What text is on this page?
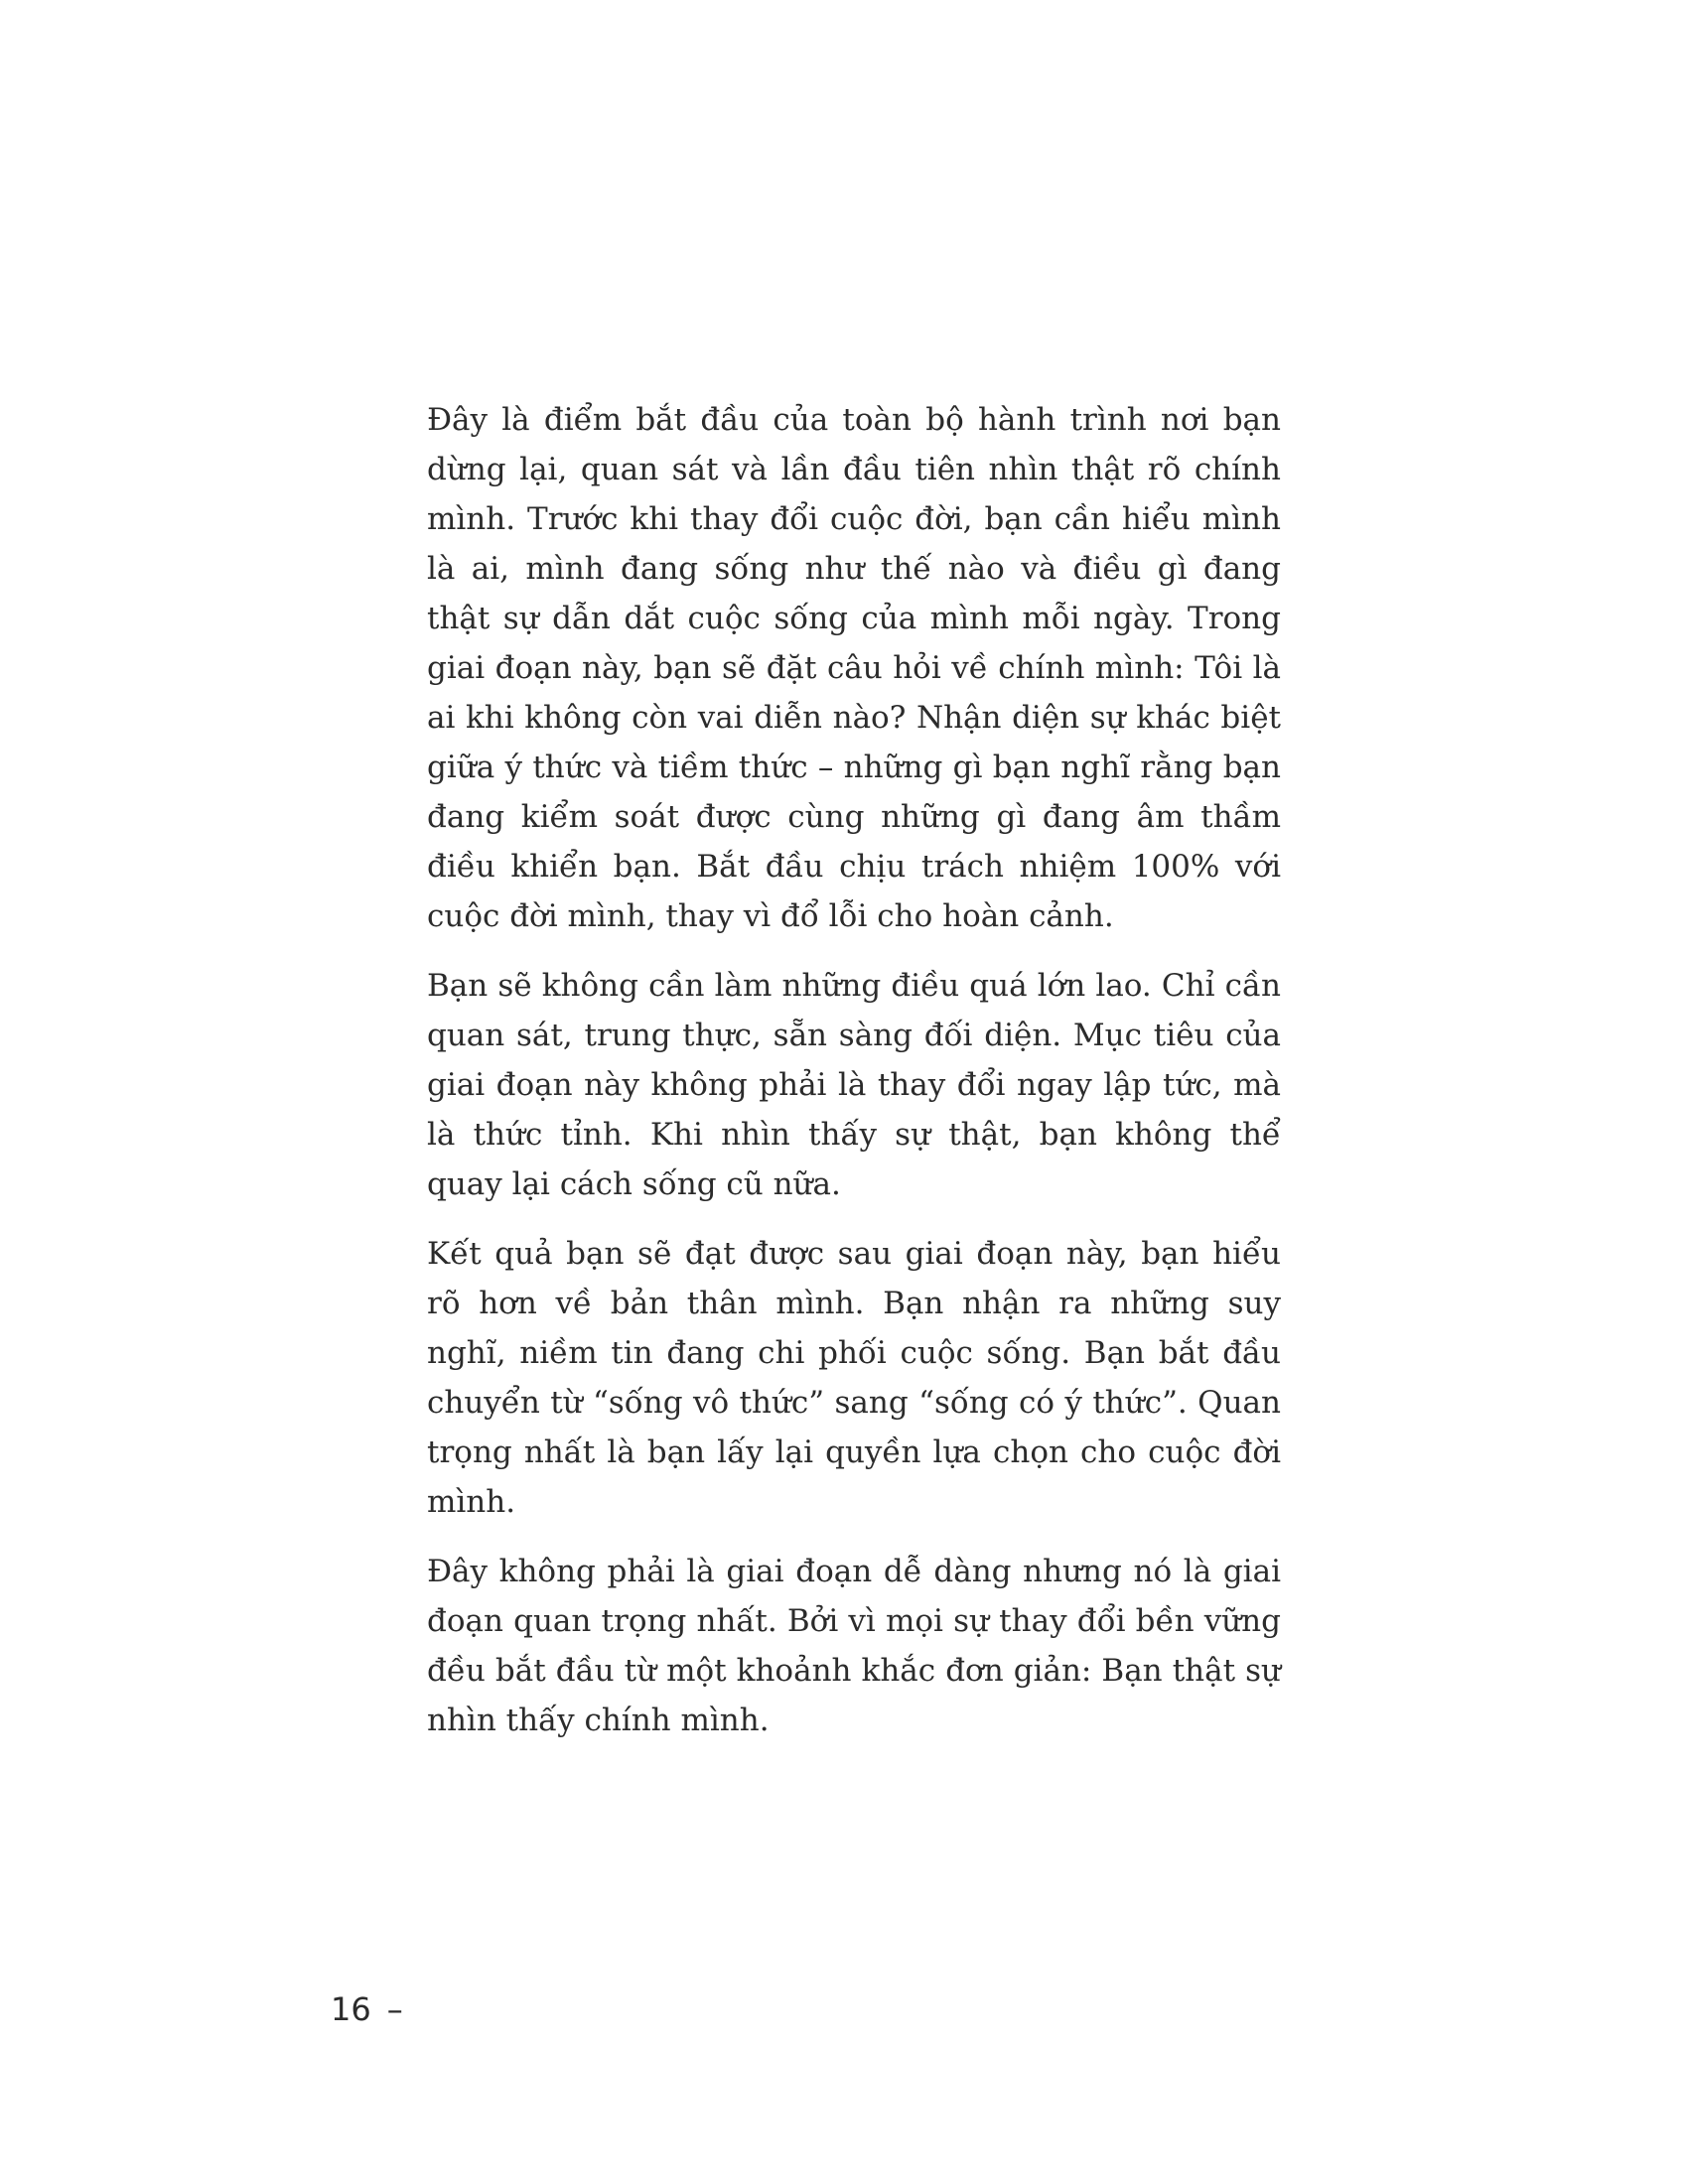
Đây là điểm bắt đầu của toàn bộ hành trình nơi bạn dừng lại, quan sát và lần đầu tiên nhìn thật rõ chính mình. Trước khi thay đổi cuộc đời, bạn cần hiểu mình là ai, mình đang sống như thế nào và điều gì đang thật sự dẫn dắt cuộc sống của mình mỗi ngày. Trong giai đoạn này, bạn sẽ đặt câu hỏi về chính mình: Tôi là ai khi không còn vai diễn nào? Nhận diện sự khác biệt giữa ý thức và tiềm thức – những gì bạn nghĩ rằng bạn đang kiểm soát được cùng những gì đang âm thầm điều khiển bạn. Bắt đầu chịu trách nhiệm 100% với cuộc đời mình, thay vì đổ lỗi cho hoàn cảnh.

Bạn sẽ không cần làm những điều quá lớn lao. Chỉ cần quan sát, trung thực, sẵn sàng đối diện. Mục tiêu của giai đoạn này không phải là thay đổi ngay lập tức, mà là thức tỉnh. Khi nhìn thấy sự thật, bạn không thể quay lại cách sống cũ nữa.

Kết quả bạn sẽ đạt được sau giai đoạn này, bạn hiểu rõ hơn về bản thân mình. Bạn nhận ra những suy nghĩ, niềm tin đang chi phối cuộc sống. Bạn bắt đầu chuyển từ “sống vô thức” sang “sống có ý thức”. Quan trọng nhất là bạn lấy lại quyền lựa chọn cho cuộc đời mình.

Đây không phải là giai đoạn dễ dàng nhưng nó là giai đoạn quan trọng nhất. Bởi vì mọi sự thay đổi bền vững đều bắt đầu từ một khoảnh khắc đơn giản: Bạn thật sự nhìn thấy chính mình.

16 –
